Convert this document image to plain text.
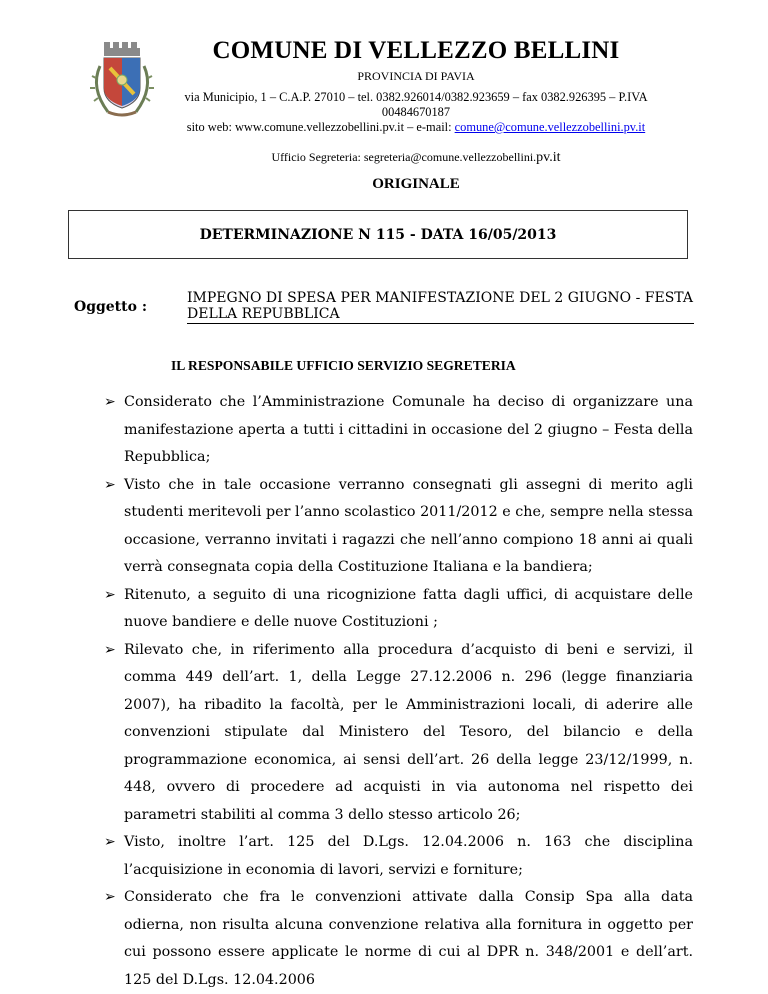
COMUNE DI VELLEZZO BELLINI
PROVINCIA DI PAVIA
via Municipio, 1 – C.A.P. 27010 – tel. 0382.926014/0382.923659 – fax 0382.926395 – P.IVA
00484670187
sito web: www.comune.vellezzobellini.pv.it – e-mail: comune@comune.vellezzobellini.pv.it
Ufficio Segreteria: segreteria@comune.vellezzobellini.pv.it
ORIGINALE
DETERMINAZIONE N 115 - DATA 16/05/2013
Oggetto :
IMPEGNO DI SPESA PER MANIFESTAZIONE DEL 2 GIUGNO - FESTA DELLA REPUBBLICA
IL RESPONSABILE UFFICIO SERVIZIO SEGRETERIA
➢ Considerato che l’Amministrazione Comunale ha deciso di organizzare una manifestazione aperta a tutti i cittadini in occasione del 2 giugno – Festa della Repubblica;

➢ Visto che in tale occasione verranno consegnati gli assegni di merito agli studenti meritevoli per l’anno scolastico 2011/2012 e che, sempre nella stessa occasione, verranno invitati i ragazzi che nell’anno compiono 18 anni ai quali verrà consegnata copia della Costituzione Italiana e la bandiera;

➢ Ritenuto, a seguito di una ricognizione fatta dagli uffici, di acquistare delle nuove bandiere e delle nuove Costituzioni ;

➢ Rilevato che, in riferimento alla procedura d’acquisto di beni e servizi, il comma 449 dell’art. 1, della Legge 27.12.2006 n. 296 (legge finanziaria 2007), ha ribadito la facoltà, per le Amministrazioni locali, di aderire alle convenzioni stipulate dal Ministero del Tesoro, del bilancio e della programmazione economica, ai sensi dell’art. 26 della legge 23/12/1999, n. 448, ovvero di procedere ad acquisti in via autonoma nel rispetto dei parametri stabiliti al comma 3 dello stesso articolo 26;

➢ Visto, inoltre l’art. 125 del D.Lgs. 12.04.2006 n. 163 che disciplina l’acquisizione in economia di lavori, servizi e forniture;

➢ Considerato che fra le convenzioni attivate dalla Consip Spa alla data odierna, non risulta alcuna convenzione relativa alla fornitura in oggetto per cui possono essere applicate le norme di cui al DPR n. 348/2001 e dell’art. 125 del D.Lgs. 12.04.2006
